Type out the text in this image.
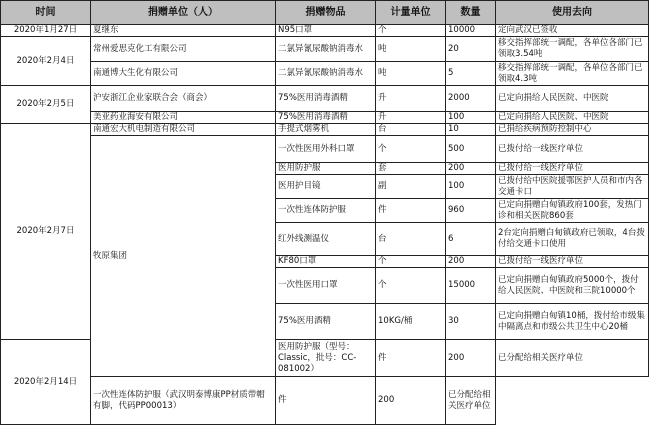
时间	捐赠单位（人）	捐赠物品	计量单位	数量	使用去向
2020年1月27日	夏继东	N95口罩	个	10000	定向武汉已签收
2020年2月4日	常州爱思克化工有限公司	二氯异氰尿酸钠消毒水	吨	20	移交指挥部统一调配，各单位各部门已领取3.54吨
	南通博大生化有限公司	二氯异氰尿酸钠消毒水	吨	5	移交指挥部统一调配，各单位各部门已领取4.3吨
2020年2月5日	沪安浙江企业家联合会（商会）	75%医用消毒酒精	升	2000	已定向捐给人民医院、中医院
	美亚药业海安有限公司	75%医用消毒酒精	升	100	已定向捐给人民医院、中医院
2020年2月7日	南通宏大机电制造有限公司	手提式烟雾机	台	10	已捐给疾病预防控制中心
	牧原集团	一次性医用外科口罩	个	500	已拨付给一线医疗单位
		医用防护服	套	200	已拨付给一线医疗单位
		医用护目镜	副	100	已拨付给中医院援鄂医护人员和市内各交通卡口
		一次性连体防护服	件	960	已定向捐赠白甸镇政府100套，发热门诊和相关医院860套
		红外线测温仪	台	6	2台定向捐赠白甸镇政府已领取，4台拨付给交通卡口使用
		KF80口罩	个	200	已拨付给一线医疗单位
		一次性医用口罩	个	15000	已定向捐赠白甸镇政府5000个，拨付给人民医院、中医院和三院10000个
		75%医用酒精	10KG/桶	30	已定向捐赠白甸镇10桶，拨付给市级集中隔离点和市级公共卫生中心20桶
2020年2月14日		医用防护服（型号：Classic，批号：CC-081002）	件	200	已分配给相关医疗单位
	一次性连体防护服（武汉明泰博康PP材质带帽有脚，代码PP00013）	件	200	已分配给相关医疗单位	
